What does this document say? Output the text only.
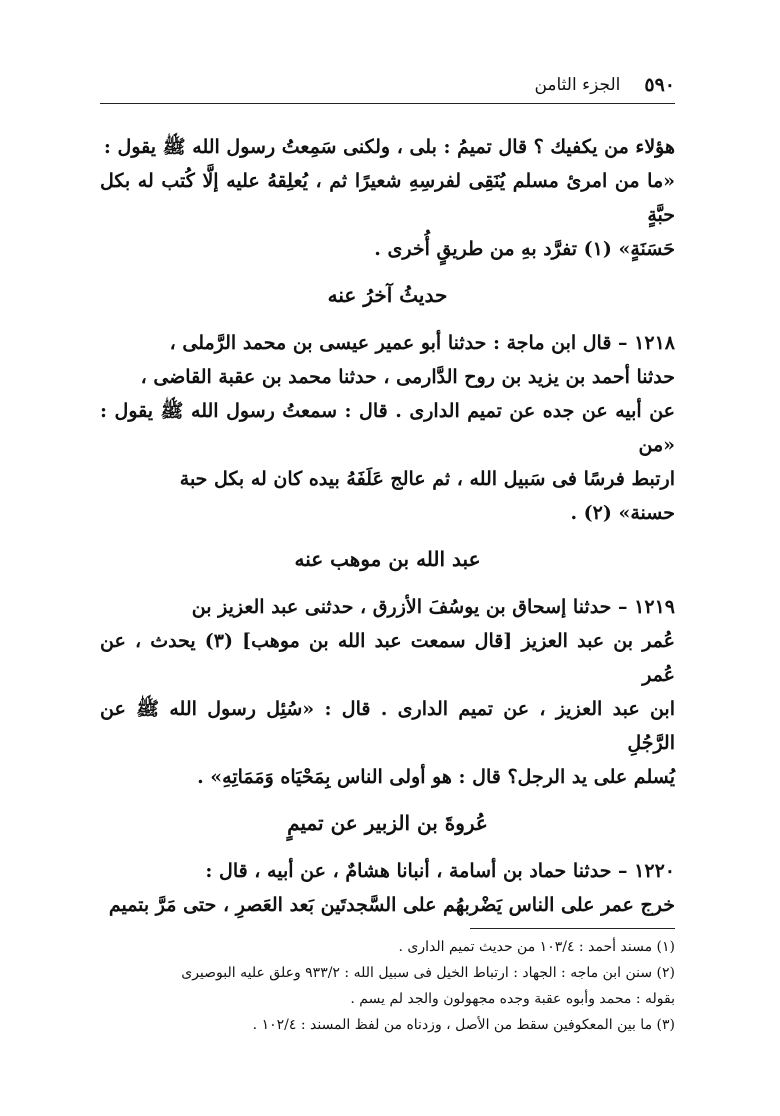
٥٩٠
الجزء الثامن
هؤلاء من يكفيك ؟ قال تميمُ : بلى ، ولكنى سَمِعتُ رسول الله ﷺ يقول :
«ما من امرئ مسلم يُنَقِى لفرسِهِ شعيرًا ثم ، يُعلِقهُ عليه إلَّا كُتب له بكل حبَّةٍ
حَسَنَةٍ» (١) تفرَّد بهِ من طريقٍ أُخرى .
حديثُ آخرُ عنه
١٢١٨ – قال ابن ماجة : حدثنا أبو عمير عيسى بن محمد الرَّملى ،
حدثنا أحمد بن يزيد بن روح الدَّارمى ، حدثنا محمد بن عقبة القاضى ،
عن أبيه عن جده عن تميم الدارى . قال : سمعتُ رسول الله ﷺ يقول : «من
ارتبط فرسًا فى سَبيل الله ، ثم عالج عَلَفَهُ بيده كان له بكل حبة
حسنة» (٢) .
عبد الله بن موهب عنه
١٢١٩ – حدثنا إسحاق بن يوسُفَ الأزرق ، حدثنى عبد العزيز بن
عُمر بن عبد العزيز [قال سمعت عبد الله بن موهب] (٣) يحدث ، عن عُمر
ابن عبد العزيز ، عن تميم الدارى . قال : «سُئِل رسول الله ﷺ عن الرَّجُلِ
يُسلم على يد الرجل؟ قال : هو أولى الناس بِمَحْيَاه وَمَمَاتِهِ» .
عُروةَ بن الزبير عن تميمٍ
١٢٢٠ – حدثنا حماد بن أسامة ، أنبانا هشامٌ ، عن أبيه ، قال :
خرج عمر على الناس يَضْربهُم على السَّجدتَين بَعد العَصرِ ، حتى مَرَّ بتميم
(١) مسند أحمد : ١٠٣/٤ من حديث تميم الدارى .
(٢) سنن ابن ماجه : الجهاد : ارتباط الخيل فى سبيل الله : ٩٣٣/٢ وعلق عليه البوصيرى
بقوله : محمد وأبوه عقبة وجده مجهولون والجد لم يسم .
(٣) ما بين المعكوفين سقط من الأصل ، وزدناه من لفظ المسند : ١٠٢/٤ .
